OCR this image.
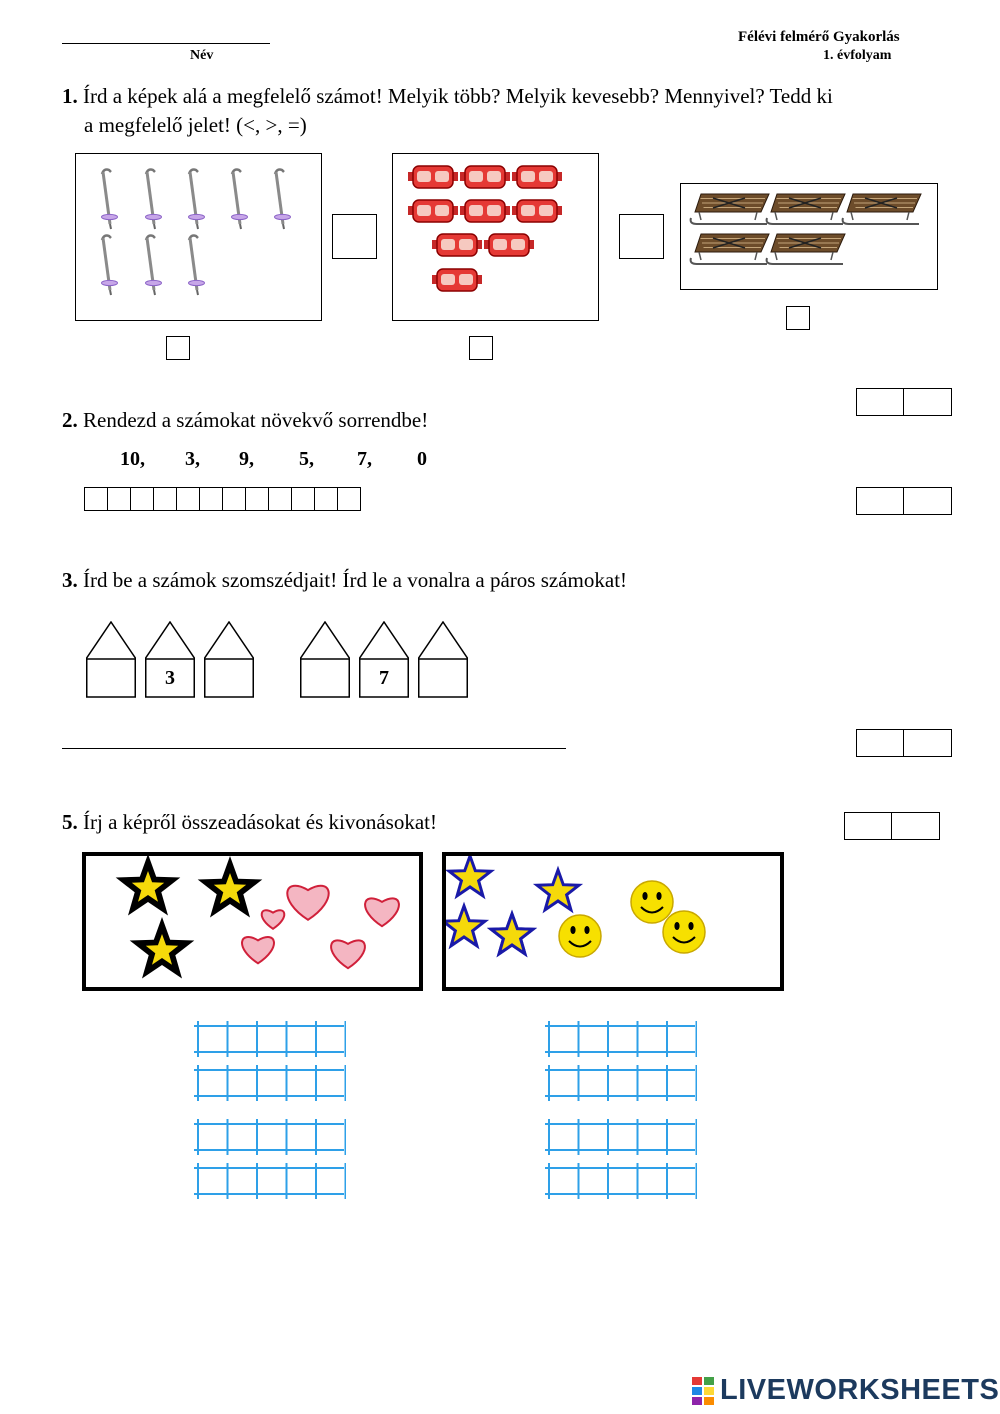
Név
Félévi felmérő Gyakorlás
1. évfolyam
1. Írd a képek alá a megfelelő számot! Melyik több? Melyik kevesebb? Mennyivel? Tedd ki
a megfelelő jelet! (<, >, =)
2. Rendezd a számokat növekvő sorrendbe!
10, 3, 9, 5, 7, 0
3. Írd be a számok szomszédjait! Írd le a vonalra a páros számokat!
3	7
5. Írj a képről összeadásokat és kivonásokat!
LIVEWORKSHEETS
